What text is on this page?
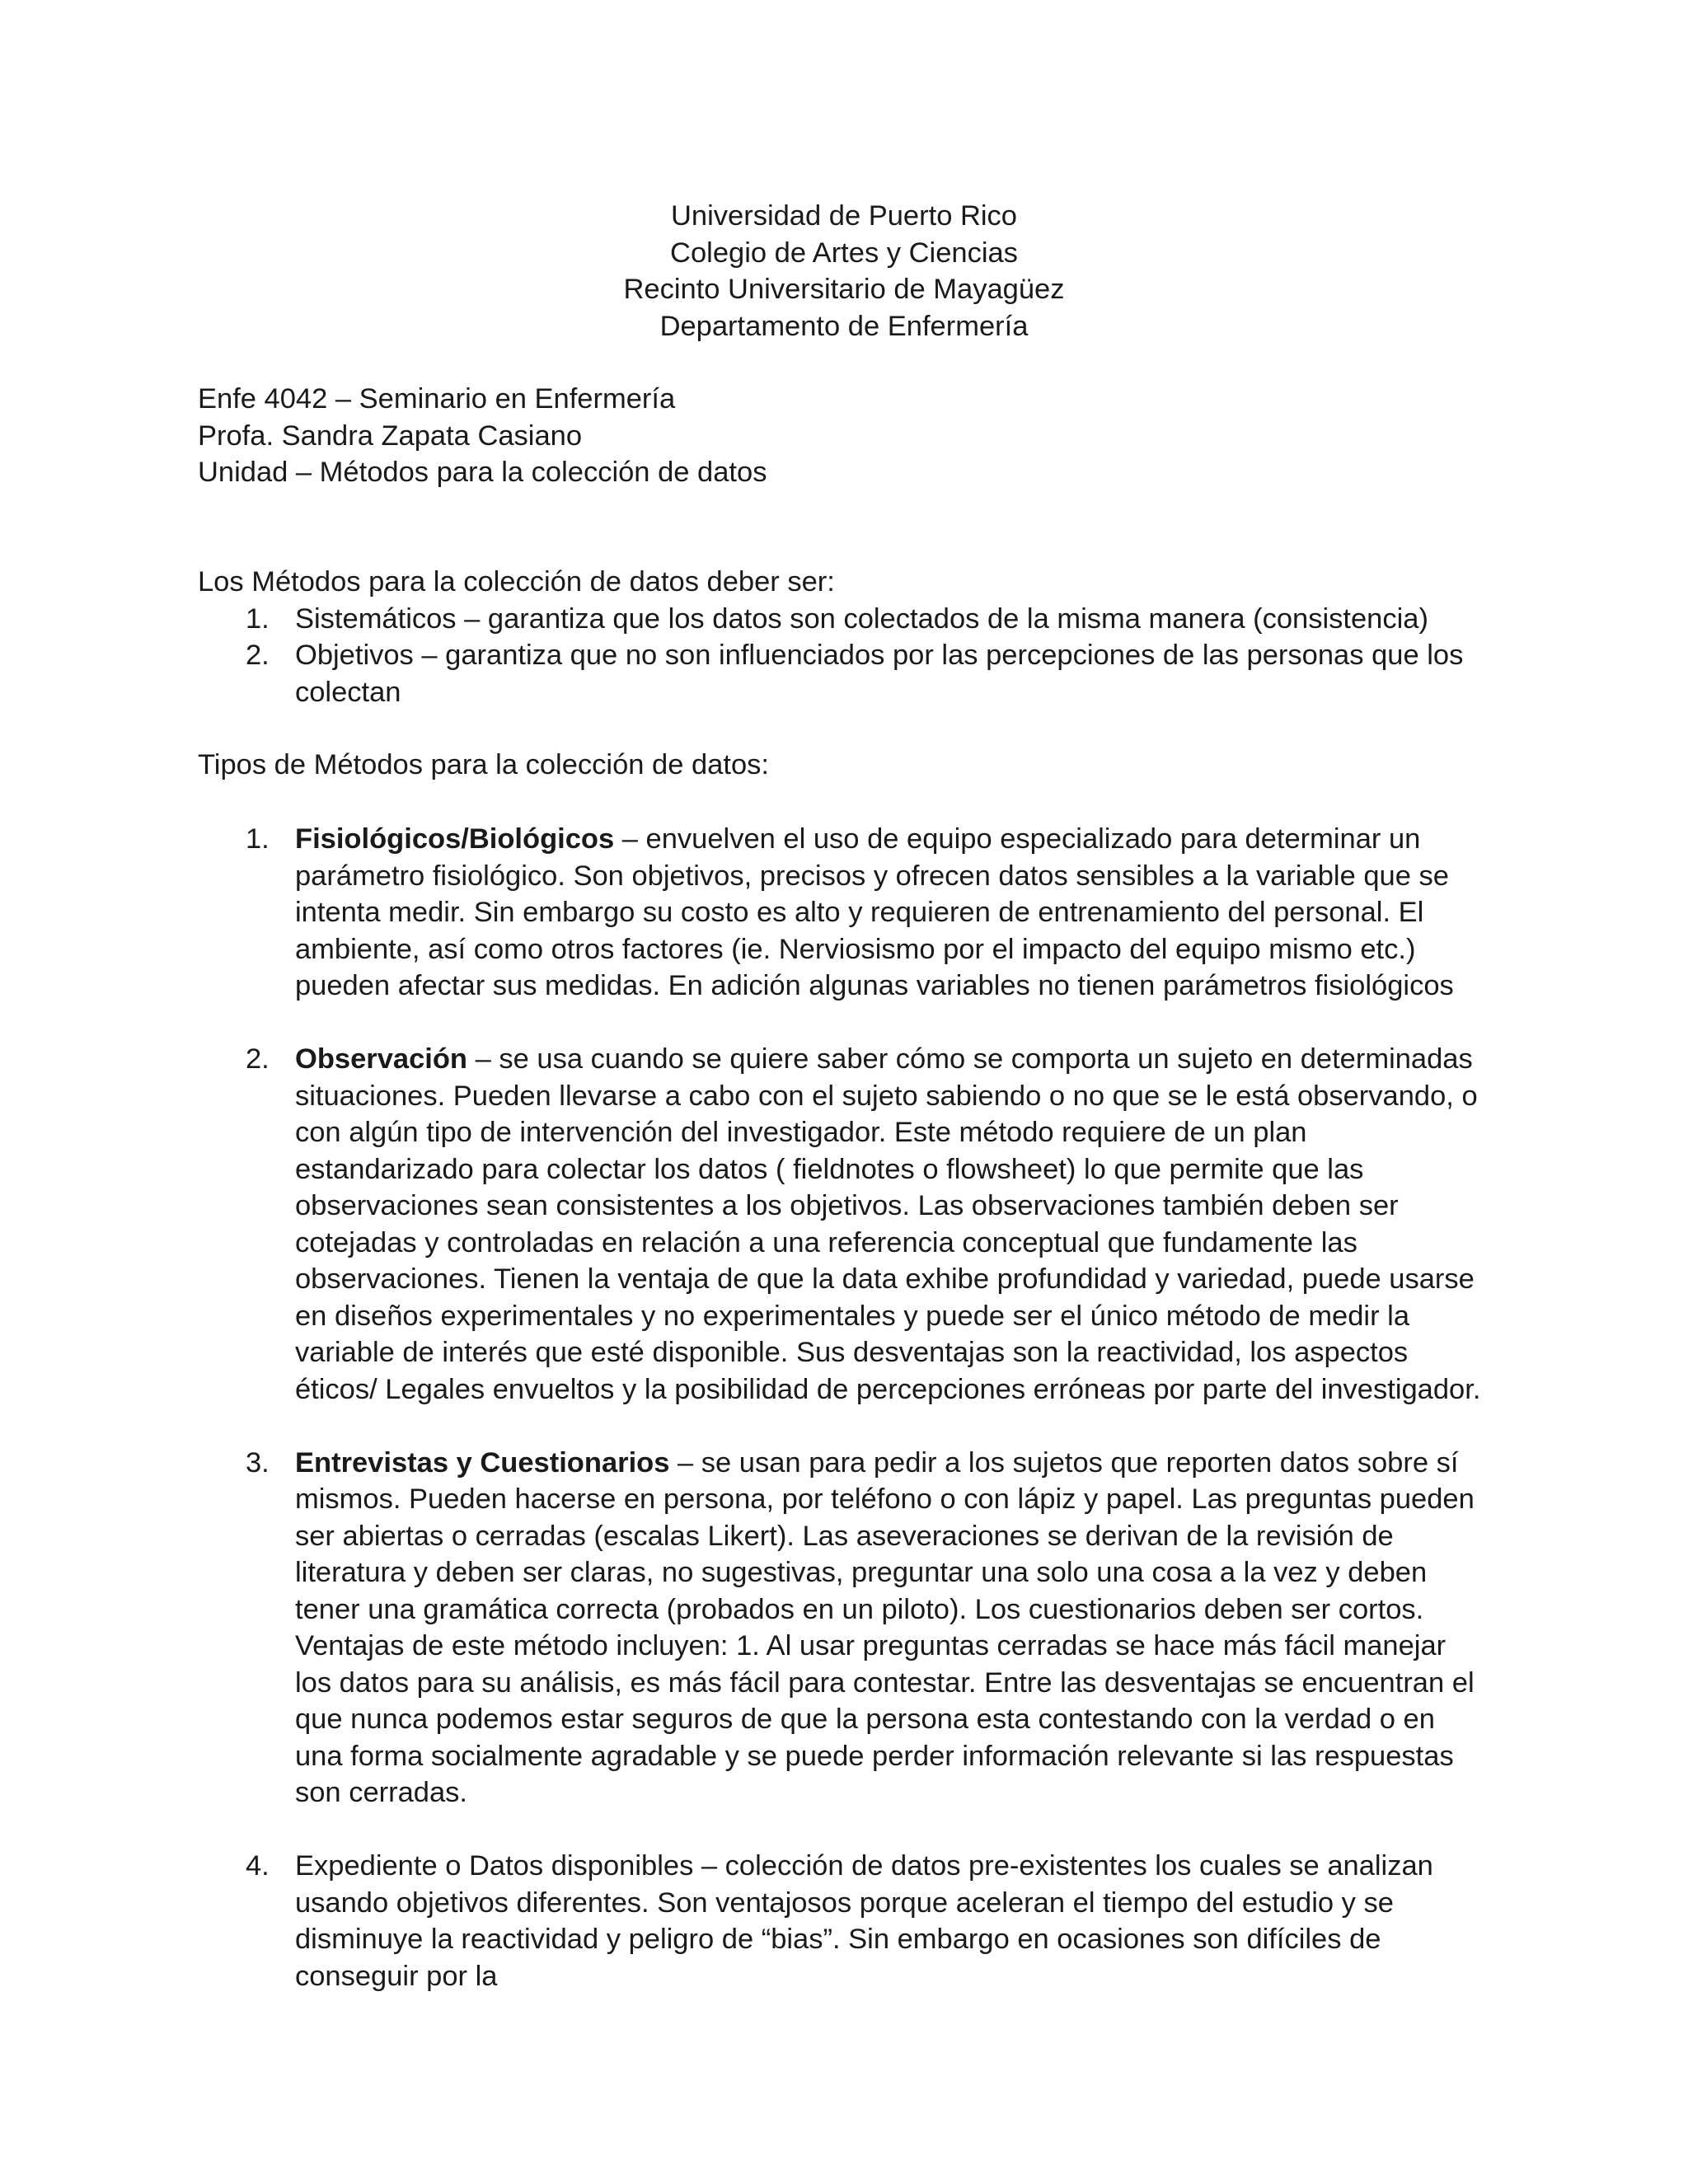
Universidad de Puerto Rico
Colegio de Artes y Ciencias
Recinto Universitario de Mayagüez
Departamento de Enfermería
Enfe 4042 – Seminario en Enfermería
Profa. Sandra Zapata Casiano
Unidad – Métodos para la colección de datos
Los Métodos para la colección de datos deber ser:
1. Sistemáticos – garantiza que los datos son colectados de la misma manera (consistencia)
2. Objetivos – garantiza que no son influenciados por las percepciones de las personas que los colectan
Tipos de Métodos para la colección de datos:
1. Fisiológicos/Biológicos – envuelven el uso de equipo especializado para determinar un parámetro fisiológico. Son objetivos, precisos y ofrecen datos sensibles a la variable que se intenta medir. Sin embargo su costo es alto y requieren de entrenamiento del personal. El ambiente, así como otros factores (ie. Nerviosismo por el impacto del equipo mismo etc.) pueden afectar sus medidas. En adición algunas variables no tienen parámetros fisiológicos
2. Observación – se usa cuando se quiere saber cómo se comporta un sujeto en determinadas situaciones. Pueden llevarse a cabo con el sujeto sabiendo o no que se le está observando, o con algún tipo de intervención del investigador. Este método requiere de un plan estandarizado para colectar los datos ( fieldnotes o flowsheet) lo que permite que las observaciones sean consistentes a los objetivos. Las observaciones también deben ser cotejadas y controladas en relación a una referencia conceptual que fundamente las observaciones. Tienen la ventaja de que la data exhibe profundidad y variedad, puede usarse en diseños experimentales y no experimentales y puede ser el único método de medir la variable de interés que esté disponible. Sus desventajas son la reactividad, los aspectos éticos/ Legales envueltos y la posibilidad de percepciones erróneas por parte del investigador.
3. Entrevistas y Cuestionarios – se usan para pedir a los sujetos que reporten datos sobre sí mismos. Pueden hacerse en persona, por teléfono o con lápiz y papel. Las preguntas pueden ser abiertas o cerradas (escalas Likert). Las aseveraciones se derivan de la revisión de literatura y deben ser claras, no sugestivas, preguntar una solo una cosa a la vez y deben tener una gramática correcta (probados en un piloto). Los cuestionarios deben ser cortos. Ventajas de este método incluyen: 1. Al usar preguntas cerradas se hace más fácil manejar los datos para su análisis, es más fácil para contestar. Entre las desventajas se encuentran el que nunca podemos estar seguros de que la persona esta contestando con la verdad o en una forma socialmente agradable y se puede perder información relevante si las respuestas son cerradas.
4. Expediente o Datos disponibles – colección de datos pre-existentes los cuales se analizan usando objetivos diferentes. Son ventajosos porque aceleran el tiempo del estudio y se disminuye la reactividad y peligro de “bias”. Sin embargo en ocasiones son difíciles de conseguir por la
